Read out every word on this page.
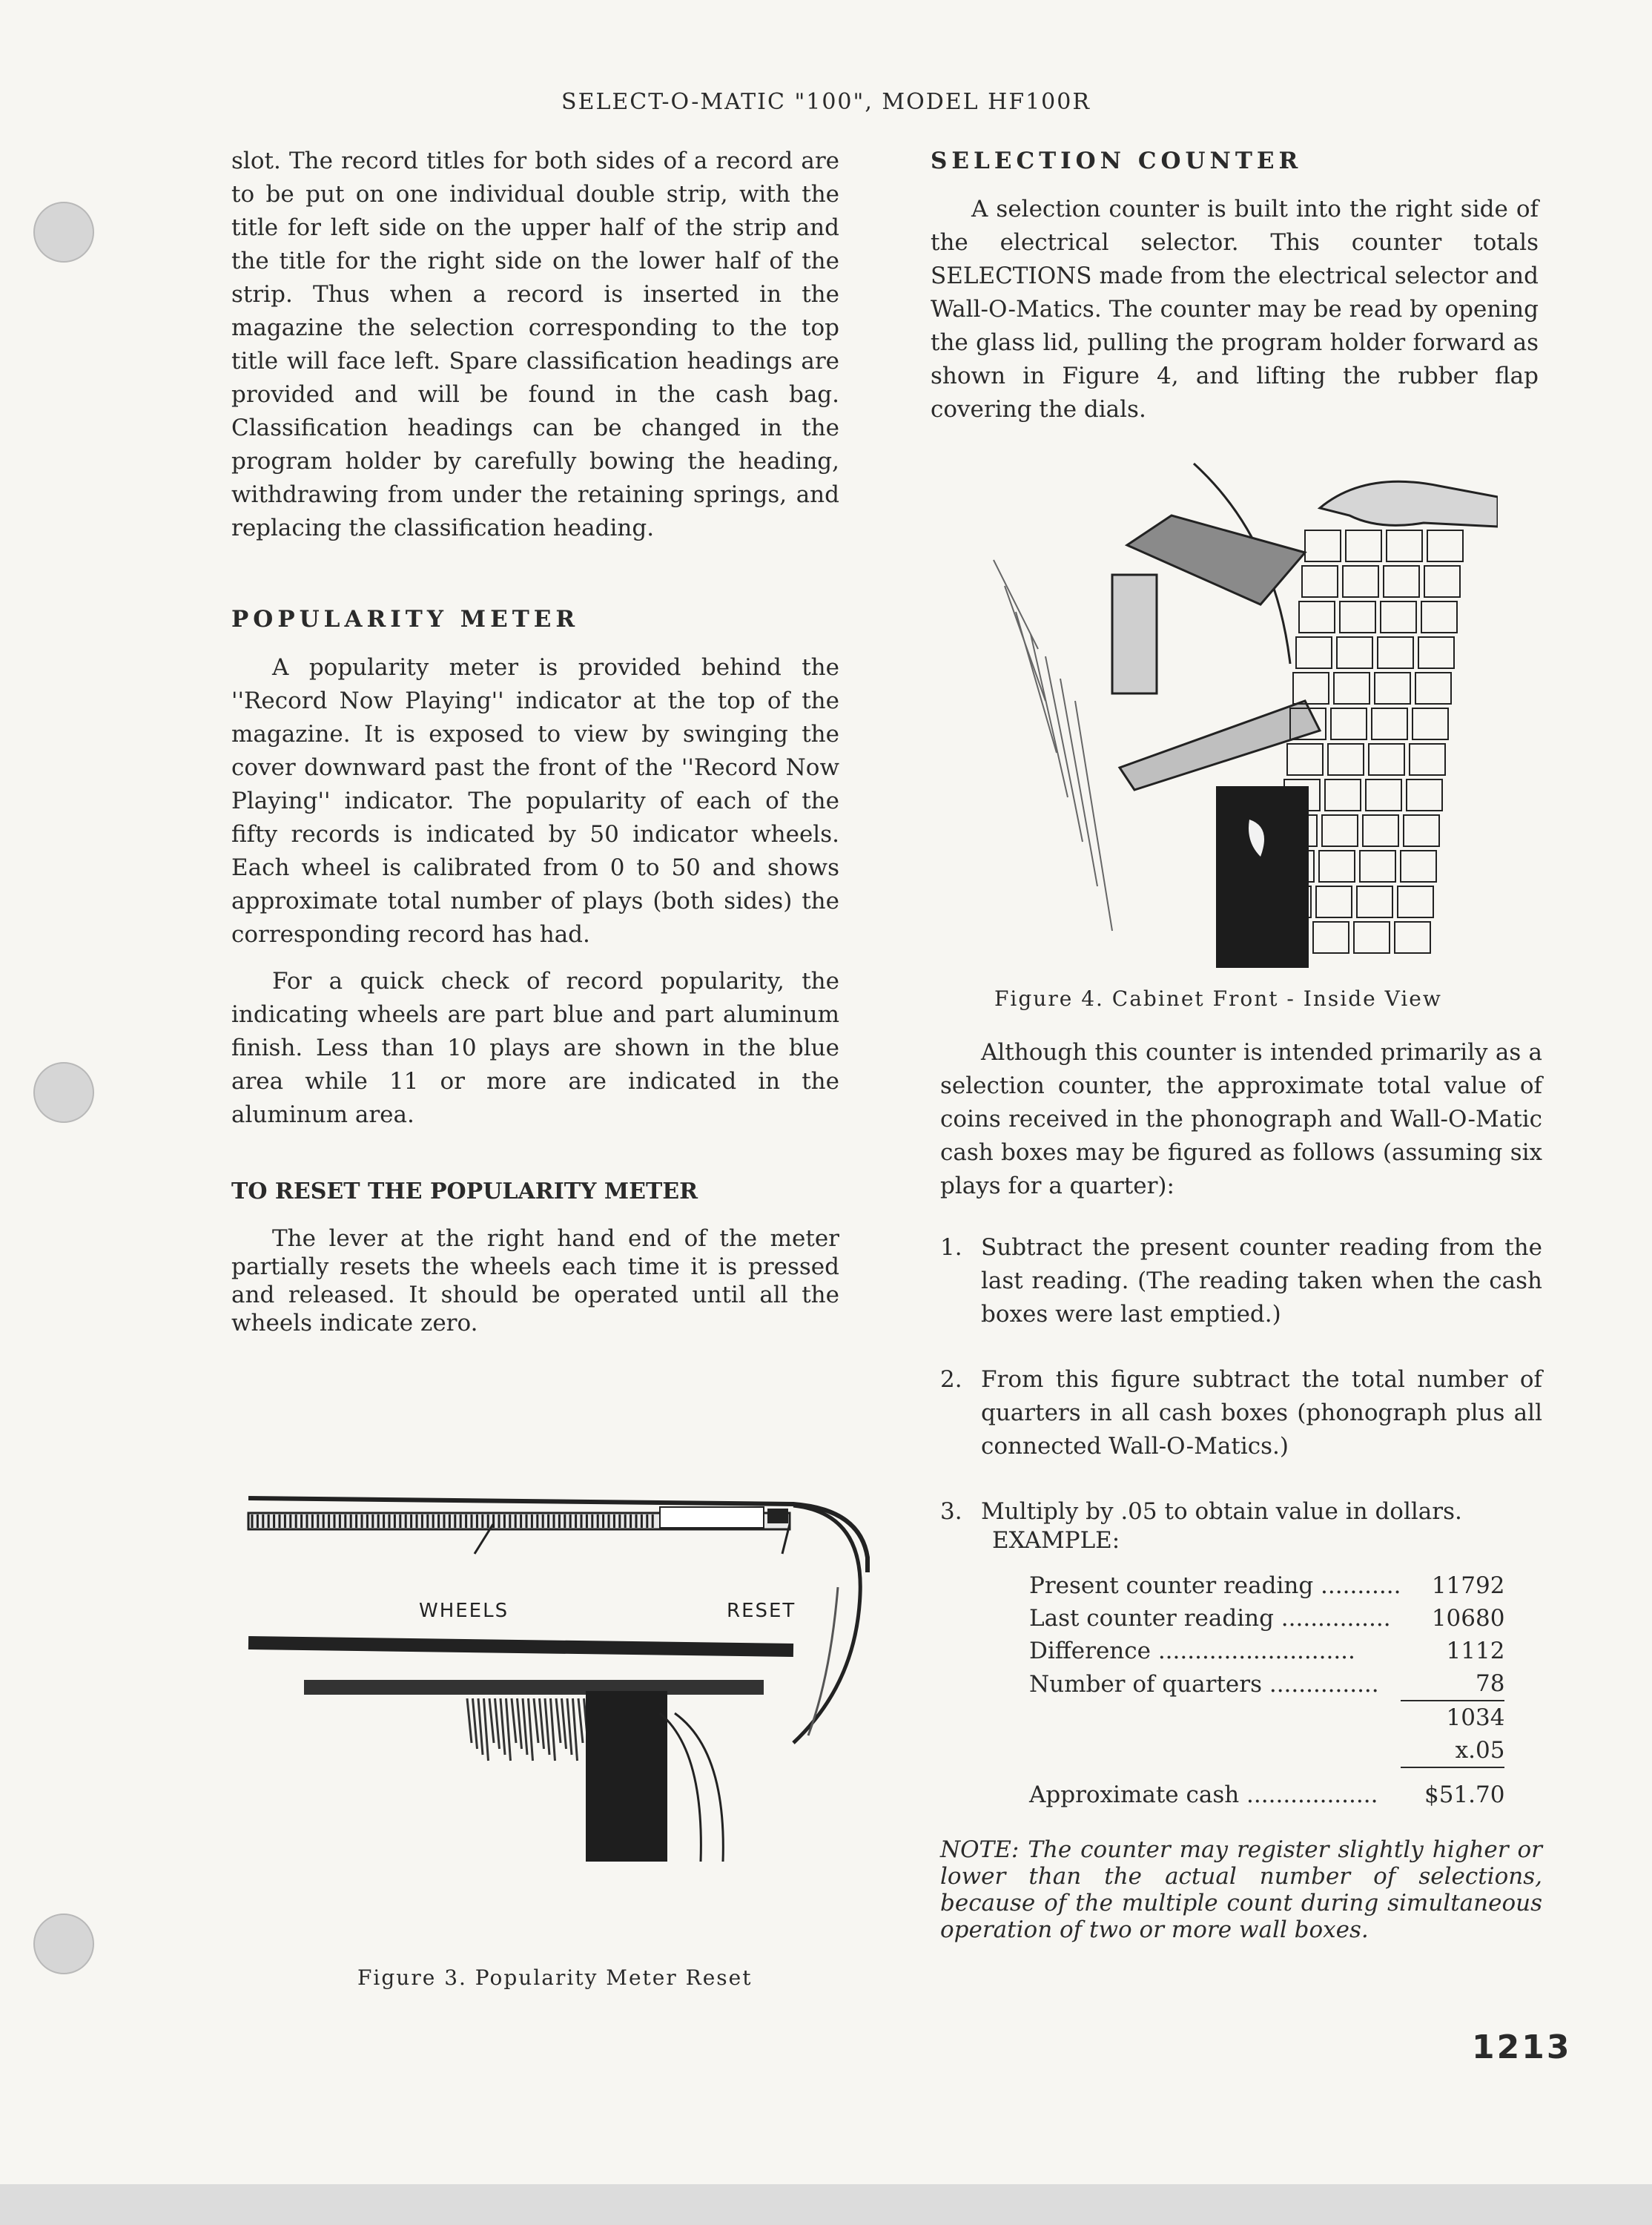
SELECT-O-MATIC "100", MODEL HF100R

slot. The record titles for both sides of a record are to be put on one individual double strip, with the title for left side on the upper half of the strip and the title for the right side on the lower half of the strip. Thus when a record is inserted in the magazine the selection corresponding to the top title will face left. Spare classification headings are provided and will be found in the cash bag. Classification headings can be changed in the program holder by carefully bowing the heading, withdrawing from under the retaining springs, and replacing the classification heading.

POPULARITY METER

A popularity meter is provided behind the ''Record Now Playing'' indicator at the top of the magazine. It is exposed to view by swinging the cover downward past the front of the ''Record Now Playing'' indicator. The popularity of each of the fifty records is indicated by 50 indicator wheels. Each wheel is calibrated from 0 to 50 and shows approximate total number of plays (both sides) the corresponding record has had.

For a quick check of record popularity, the indicating wheels are part blue and part aluminum finish. Less than 10 plays are shown in the blue area while 11 or more are indicated in the aluminum area.

TO RESET THE POPULARITY METER

The lever at the right hand end of the meter partially resets the wheels each time it is pressed and released. It should be operated until all the wheels indicate zero.

WHEELS	RESET
Figure 3. Popularity Meter Reset
SELECTION COUNTER

A selection counter is built into the right side of the electrical selector. This counter totals SELECTIONS made from the electrical selector and Wall-O-Matics. The counter may be read by opening the glass lid, pulling the program holder forward as shown in Figure 4, and lifting the rubber flap covering the dials.

Figure 4. Cabinet Front - Inside View

Although this counter is intended primarily as a selection counter, the approximate total value of coins received in the phonograph and Wall-O-Matic cash boxes may be figured as follows (assuming six plays for a quarter):

1. Subtract the present counter reading from the last reading. (The reading taken when the cash boxes were last emptied.)
2. From this figure subtract the total number of quarters in all cash boxes (phonograph plus all connected Wall-O-Matics.)
3. Multiply by .05 to obtain value in dollars.
EXAMPLE:
Present counter reading ...........	11792
Last counter reading ...............	10680
Difference ...........................	1112
Number of quarters ...............	78
	1034
	x.05
Approximate cash ..................	$51.70

NOTE: The counter may register slightly higher or lower than the actual number of selections, because of the multiple count during simultaneous operation of two or more wall boxes.

1213
